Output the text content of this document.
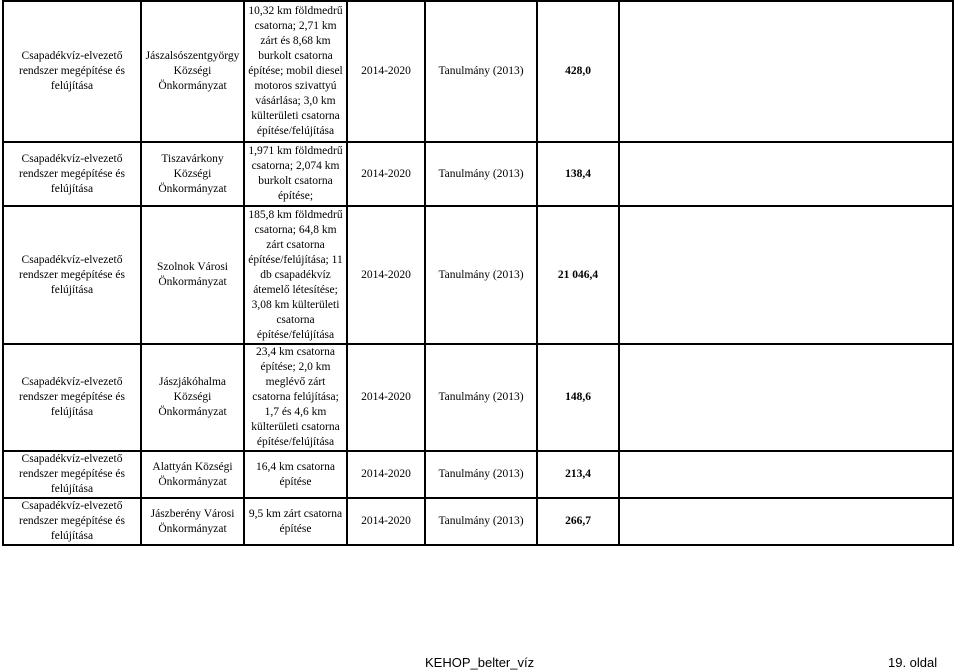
Csapadékvíz-elvezető rendszer megépítése és felújítása	Jászalsószentgyörgy Községi Önkormányzat	10,32 km földmedrű csatorna; 2,71 km zárt és 8,68 km burkolt csatorna építése; mobil diesel motoros szivattyú vásárlása; 3,0 km külterületi csatorna építése/felújítása	2014-2020	Tanulmány (2013)	428,0	
Csapadékvíz-elvezető rendszer megépítése és felújítása	Tiszavárkony Községi Önkormányzat	1,971 km földmedrű csatorna; 2,074 km burkolt csatorna építése;	2014-2020	Tanulmány (2013)	138,4	
Csapadékvíz-elvezető rendszer megépítése és felújítása	Szolnok Városi Önkormányzat	185,8 km földmedrű csatorna; 64,8 km zárt csatorna építése/felújítása; 11 db csapadékvíz átemelő létesítése; 3,08 km külterületi csatorna építése/felújítása	2014-2020	Tanulmány (2013)	21 046,4	
Csapadékvíz-elvezető rendszer megépítése és felújítása	Jászjákóhalma Községi Önkormányzat	23,4 km csatorna építése; 2,0 km meglévő zárt csatorna felújítása; 1,7 és 4,6 km külterületi csatorna építése/felújítása	2014-2020	Tanulmány (2013)	148,6	
Csapadékvíz-elvezető rendszer megépítése és felújítása	Alattyán Községi Önkormányzat	16,4 km csatorna építése	2014-2020	Tanulmány (2013)	213,4	
Csapadékvíz-elvezető rendszer megépítése és felújítása	Jászberény Városi Önkormányzat	9,5 km zárt csatorna építése	2014-2020	Tanulmány (2013)	266,7	
KEHOP_belter_víz	19. oldal
